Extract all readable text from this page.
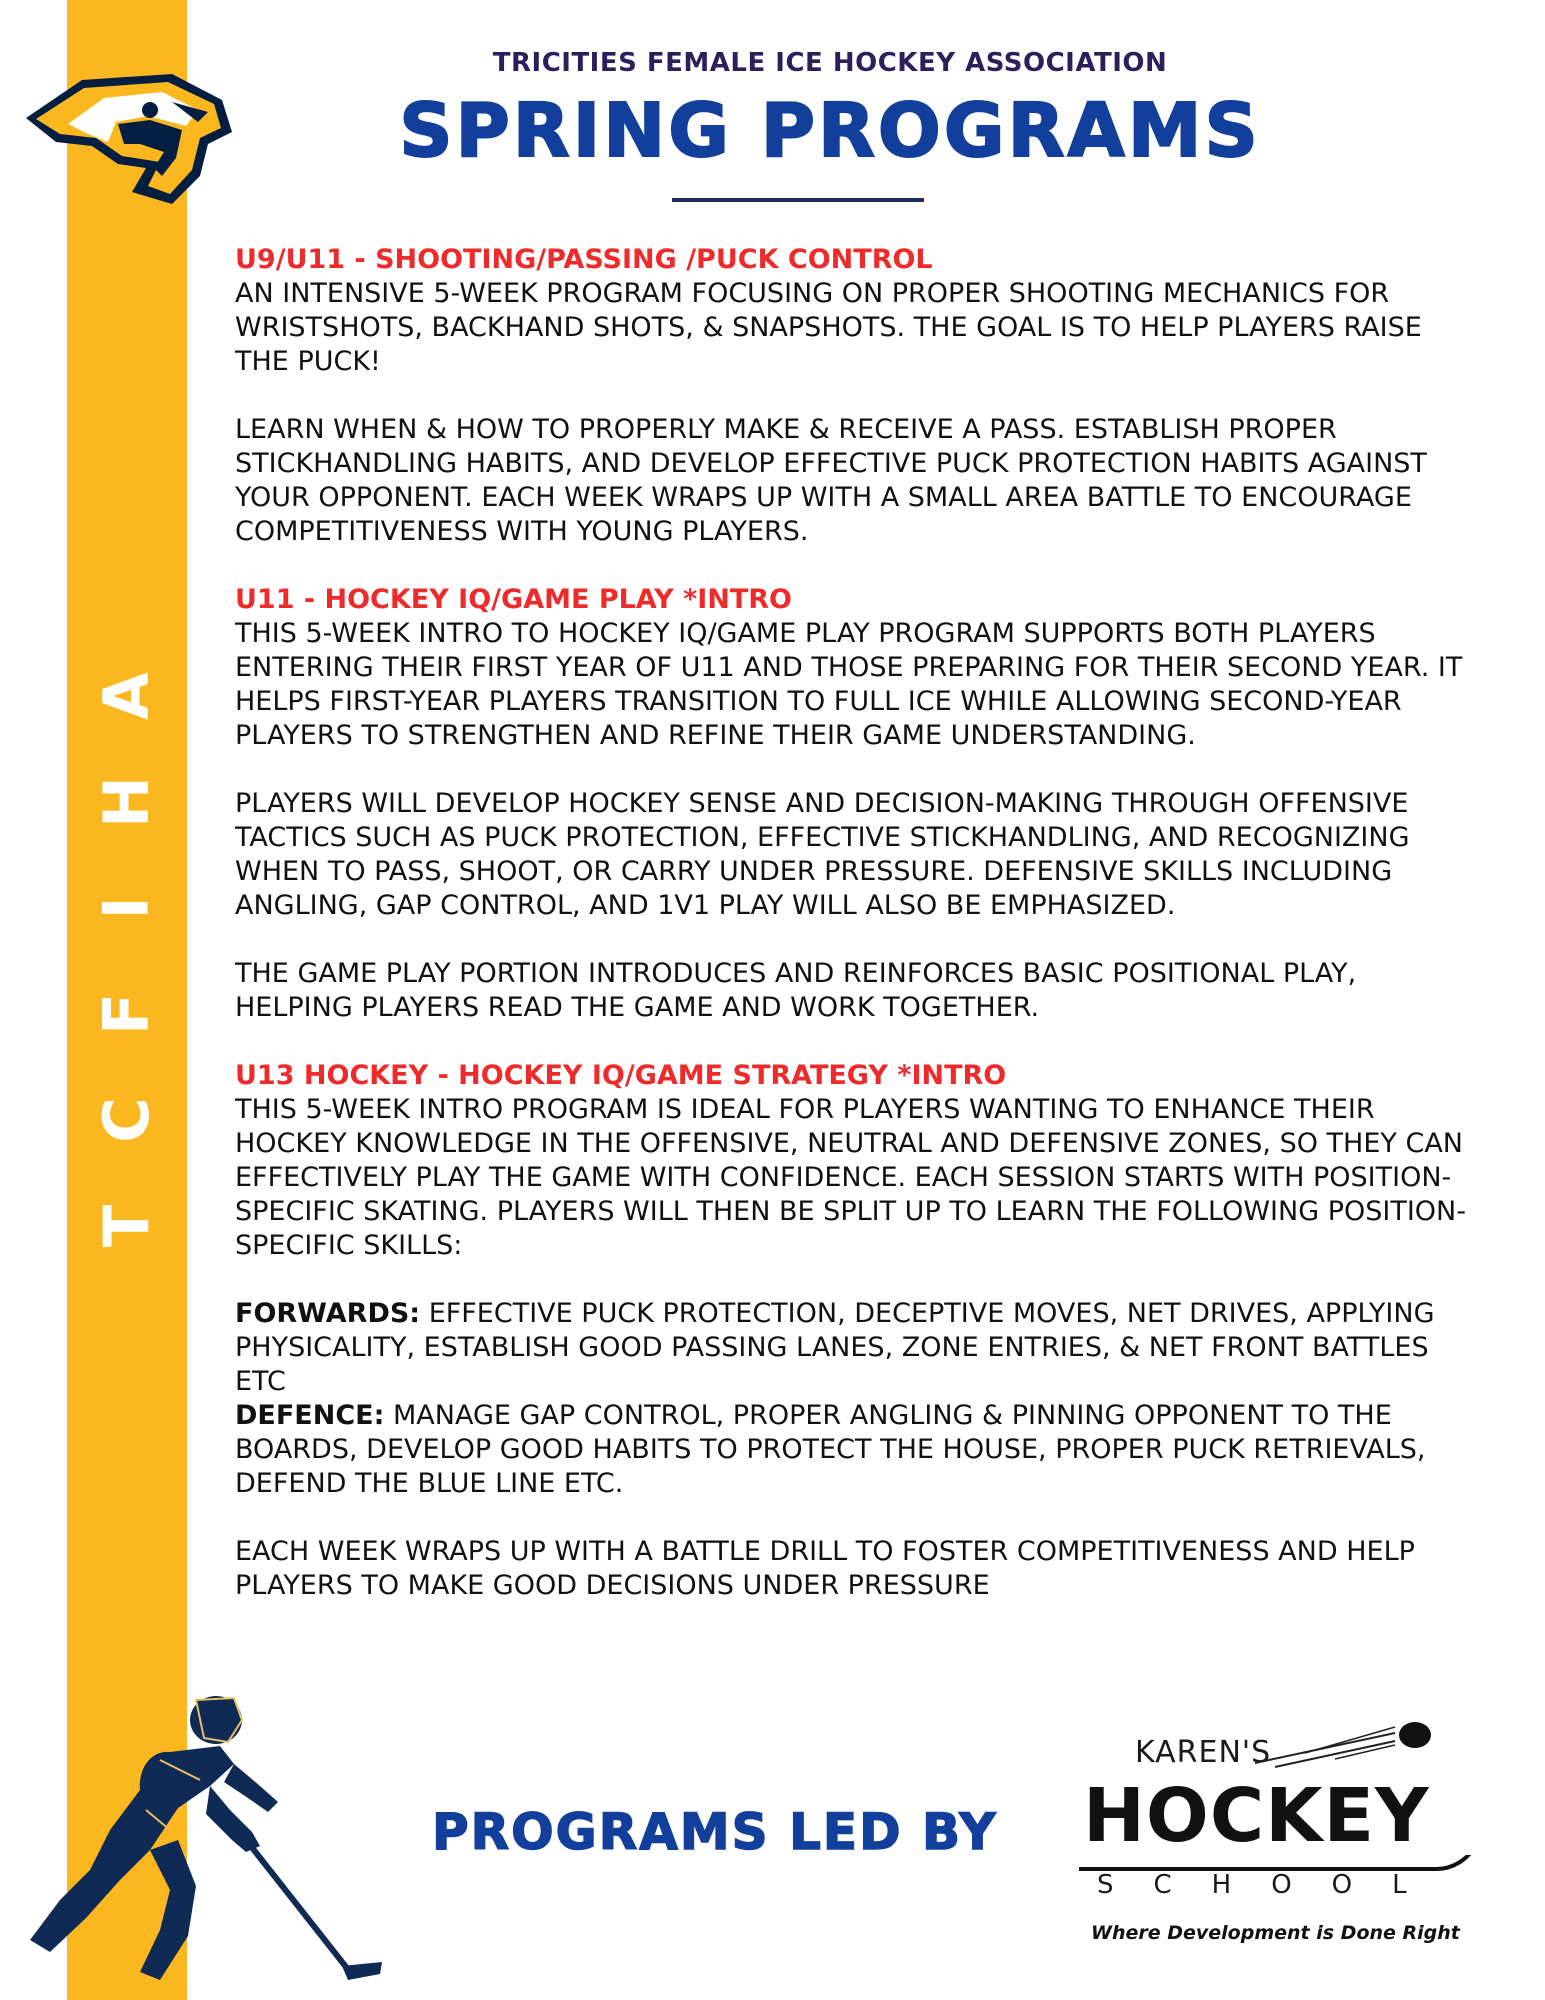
A
H
I
F
C
T
TRICITIES FEMALE ICE HOCKEY ASSOCIATION
SPRING PROGRAMS

U9/U11 - SHOOTING/PASSING /PUCK CONTROL

AN INTENSIVE 5-WEEK PROGRAM FOCUSING ON PROPER SHOOTING MECHANICS FOR WRISTSHOTS, BACKHAND SHOTS, & SNAPSHOTS. THE GOAL IS TO HELP PLAYERS RAISE THE PUCK!

LEARN WHEN & HOW TO PROPERLY MAKE & RECEIVE A PASS. ESTABLISH PROPER STICKHANDLING HABITS, AND DEVELOP EFFECTIVE PUCK PROTECTION HABITS AGAINST YOUR OPPONENT. EACH WEEK WRAPS UP WITH A SMALL AREA BATTLE TO ENCOURAGE COMPETITIVENESS WITH YOUNG PLAYERS.

U11 - HOCKEY IQ/GAME PLAY *INTRO

THIS 5-WEEK INTRO TO HOCKEY IQ/GAME PLAY PROGRAM SUPPORTS BOTH PLAYERS ENTERING THEIR FIRST YEAR OF U11 AND THOSE PREPARING FOR THEIR SECOND YEAR. IT HELPS FIRST-YEAR PLAYERS TRANSITION TO FULL ICE WHILE ALLOWING SECOND-YEAR PLAYERS TO STRENGTHEN AND REFINE THEIR GAME UNDERSTANDING.

PLAYERS WILL DEVELOP HOCKEY SENSE AND DECISION-MAKING THROUGH OFFENSIVE TACTICS SUCH AS PUCK PROTECTION, EFFECTIVE STICKHANDLING, AND RECOGNIZING WHEN TO PASS, SHOOT, OR CARRY UNDER PRESSURE. DEFENSIVE SKILLS INCLUDING ANGLING, GAP CONTROL, AND 1V1 PLAY WILL ALSO BE EMPHASIZED.

THE GAME PLAY PORTION INTRODUCES AND REINFORCES BASIC POSITIONAL PLAY, HELPING PLAYERS READ THE GAME AND WORK TOGETHER.

U13 HOCKEY - HOCKEY IQ/GAME STRATEGY *INTRO

THIS 5-WEEK INTRO PROGRAM IS IDEAL FOR PLAYERS WANTING TO ENHANCE THEIR HOCKEY KNOWLEDGE IN THE OFFENSIVE, NEUTRAL AND DEFENSIVE ZONES, SO THEY CAN EFFECTIVELY PLAY THE GAME WITH CONFIDENCE. EACH SESSION STARTS WITH POSITION-SPECIFIC SKATING. PLAYERS WILL THEN BE SPLIT UP TO LEARN THE FOLLOWING POSITION-SPECIFIC SKILLS:

FORWARDS: EFFECTIVE PUCK PROTECTION, DECEPTIVE MOVES, NET DRIVES, APPLYING PHYSICALITY, ESTABLISH GOOD PASSING LANES, ZONE ENTRIES, & NET FRONT BATTLES ETC

DEFENCE: MANAGE GAP CONTROL, PROPER ANGLING & PINNING OPPONENT TO THE BOARDS, DEVELOP GOOD HABITS TO PROTECT THE HOUSE, PROPER PUCK RETRIEVALS, DEFEND THE BLUE LINE ETC.

EACH WEEK WRAPS UP WITH A BATTLE DRILL TO FOSTER COMPETITIVENESS AND HELP PLAYERS TO MAKE GOOD DECISIONS UNDER PRESSURE

PROGRAMS LED BY
KAREN'S
HOCKEY
SCHOOL
Where Development is Done Right
